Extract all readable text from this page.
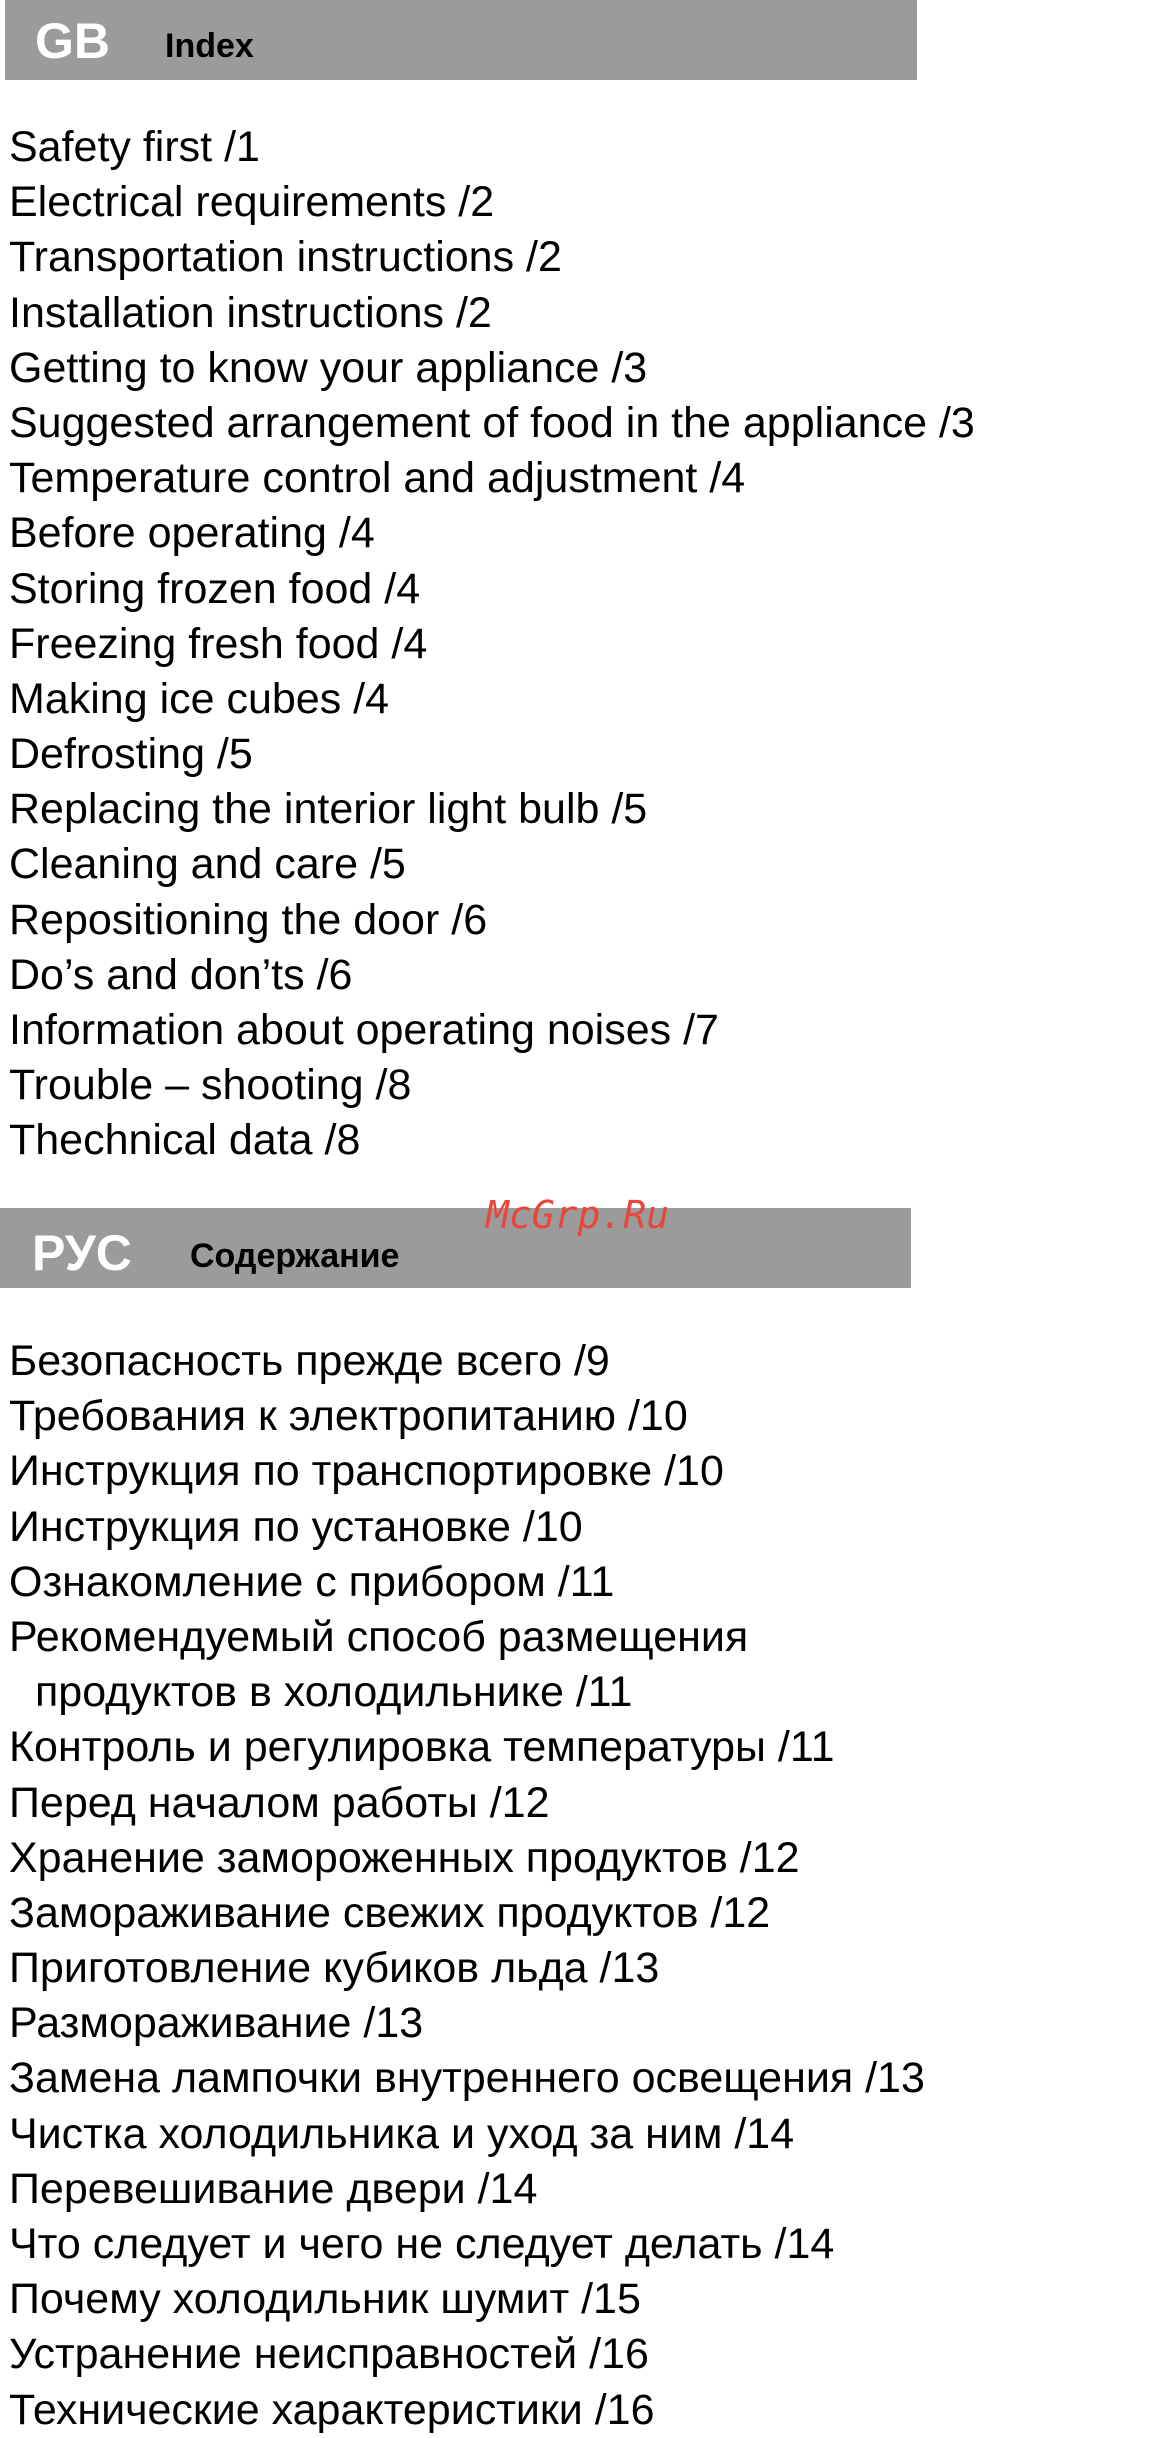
GB Index
Safety first /1
Electrical requirements /2
Transportation instructions /2
Installation instructions /2
Getting to know your appliance /3
Suggested arrangement of food in the appliance /3
Temperature control and adjustment /4
Before operating /4
Storing frozen food /4
Freezing fresh food /4
Making ice cubes /4
Defrosting /5
Replacing the interior light bulb /5
Cleaning and care /5
Repositioning the door /6
Do’s and don’ts /6
Information about operating noises /7
Trouble – shooting /8
Thechnical data /8
РУС Содержание
McGrp.Ru
Безопасность прежде всего /9
Требования к электропитанию /10
Инструкция по транспортировке /10
Инструкция по установке /10
Ознакомление с прибором /11
Рекомендуемый способ размещения
продуктов в холодильнике /11
Контроль и регулировка температуры /11
Перед началом работы /12
Хранение замороженных продуктов /12
Замораживание свежих продуктов /12
Приготовление кубиков льда /13
Размораживание /13
Замена лампочки внутреннего освещения /13
Чистка холодильника и уход за ним /14
Перевешивание двери /14
Что следует и чего не следует делать /14
Почему холодильник шумит /15
Устранение неисправностей /16
Технические характеристики /16
